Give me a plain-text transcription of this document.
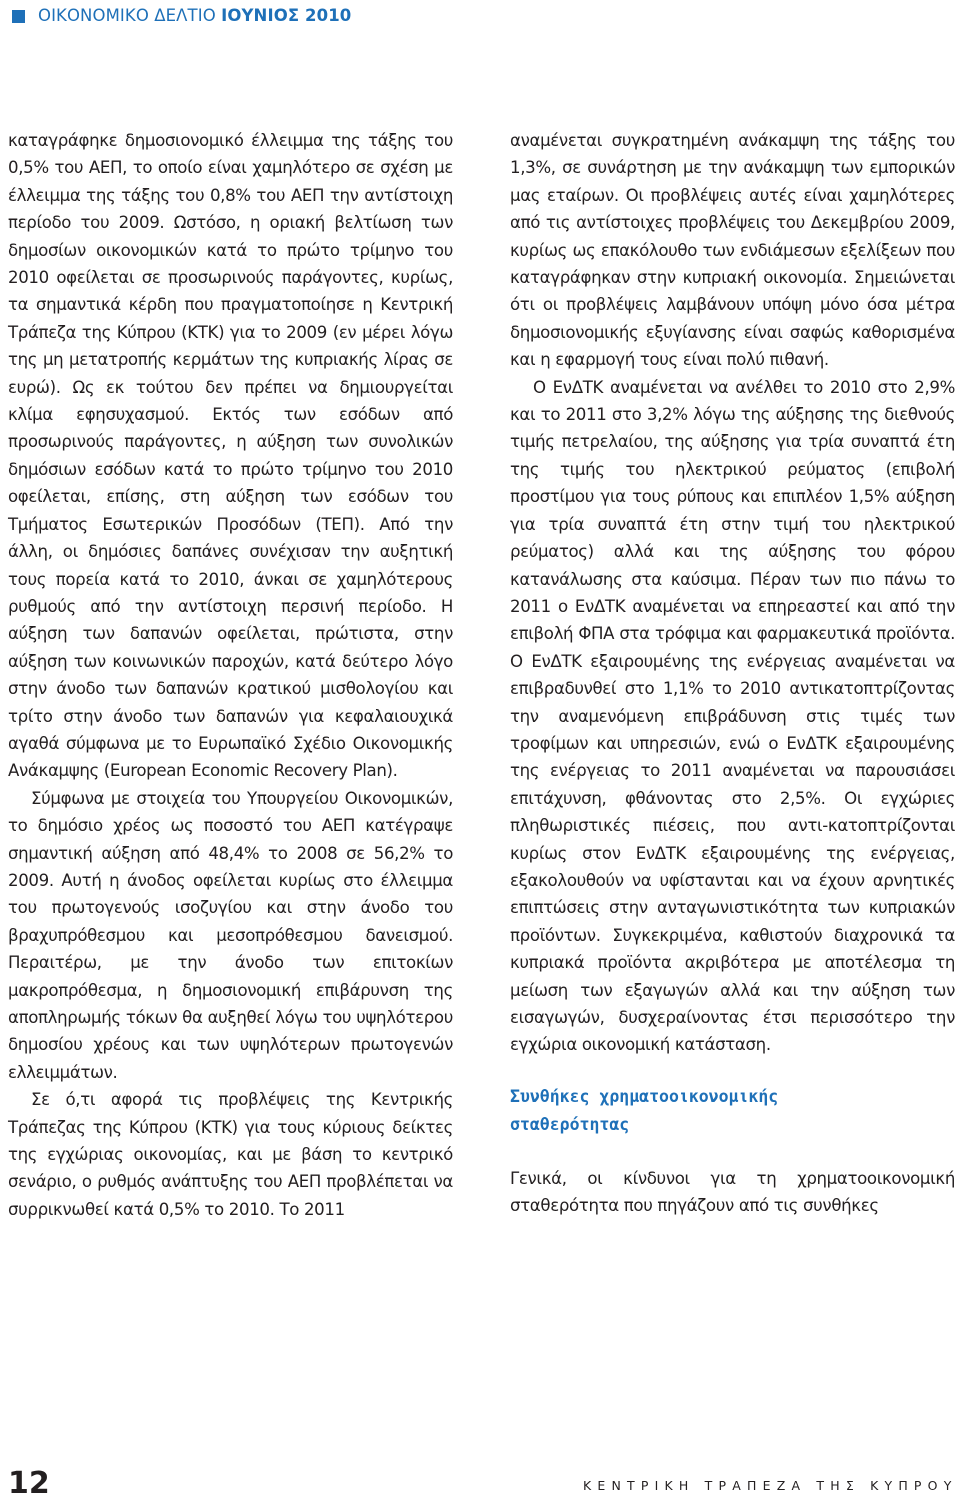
ΟΙΚΟΝΟΜΙΚΟ ΔΕΛΤΙΟ ΙΟΥΝΙΟΣ 2010

καταγράφηκε δημοσιονομικό έλλειμμα της τάξης του 0,5% του ΑΕΠ, το οποίο είναι χαμηλότερο σε σχέση με έλλειμμα της τάξης του 0,8% του ΑΕΠ την αντίστοιχη περίοδο του 2009. Ωστόσο, η οριακή βελτίωση των δημοσίων οικονομικών κατά το πρώτο τρίμηνο του 2010 οφείλεται σε προσωρινούς παράγοντες, κυρίως, τα σημαντικά κέρδη που πραγματοποίησε η Κεντρική Τράπεζα της Κύπρου (ΚΤΚ) για το 2009 (εν μέρει λόγω της μη μετατροπής κερμάτων της κυπριακής λίρας σε ευρώ). Ως εκ τούτου δεν πρέπει να δημιουργείται κλίμα εφησυχασμού. Εκτός των εσόδων από προσωρινούς παράγοντες, η αύξηση των συνολικών δημόσιων εσόδων κατά το πρώτο τρίμηνο του 2010 οφείλεται, επίσης, στη αύξηση των εσόδων του Τμήματος Εσωτερικών Προσόδων (ΤΕΠ). Από την άλλη, οι δημόσιες δαπάνες συνέχισαν την αυξητική τους πορεία κατά το 2010, άνκαι σε χαμηλότερους ρυθμούς από την αντίστοιχη περσινή περίοδο. Η αύξηση των δαπανών οφείλεται, πρώτιστα, στην αύξηση των κοινωνικών παροχών, κατά δεύτερο λόγο στην άνοδο των δαπανών κρατικού μισθολογίου και τρίτο στην άνοδο των δαπανών για κεφαλαιουχικά αγαθά σύμφωνα με το Ευρωπαϊκό Σχέδιο Οικονομικής Ανάκαμψης (European Economic Recovery Plan).

Σύμφωνα με στοιχεία του Υπουργείου Οικονομικών, το δημόσιο χρέος ως ποσοστό του ΑΕΠ κατέγραψε σημαντική αύξηση από 48,4% το 2008 σε 56,2% το 2009. Αυτή η άνοδος οφείλεται κυρίως στο έλλειμμα του πρωτογενούς ισοζυγίου και στην άνοδο του βραχυπρόθεσμου και μεσοπρόθεσμου δανεισμού. Περαιτέρω, με την άνοδο των επιτοκίων μακροπρόθεσμα, η δημοσιονομική επιβάρυνση της αποπληρωμής τόκων θα αυξηθεί λόγω του υψηλότερου δημοσίου χρέους και των υψηλότερων πρωτογενών ελλειμμάτων.

Σε ό,τι αφορά τις προβλέψεις της Κεντρικής Τράπεζας της Κύπρου (ΚΤΚ) για τους κύριους δείκτες της εγχώριας οικονομίας, και με βάση το κεντρικό σενάριο, ο ρυθμός ανάπτυξης του ΑΕΠ προβλέπεται να συρρικνωθεί κατά 0,5% το 2010. Το 2011

αναμένεται συγκρατημένη ανάκαμψη της τάξης του 1,3%, σε συνάρτηση με την ανάκαμψη των εμπορικών μας εταίρων. Οι προβλέψεις αυτές είναι χαμηλότερες από τις αντίστοιχες προβλέψεις του Δεκεμβρίου 2009, κυρίως ως επακόλουθο των ενδιάμεσων εξελίξεων που καταγράφηκαν στην κυπριακή οικονομία. Σημειώνεται ότι οι προβλέψεις λαμβάνουν υπόψη μόνο όσα μέτρα δημοσιονομικής εξυγίανσης είναι σαφώς καθορισμένα και η εφαρμογή τους είναι πολύ πιθανή.

Ο ΕνΔΤΚ αναμένεται να ανέλθει το 2010 στο 2,9% και το 2011 στο 3,2% λόγω της αύξησης της διεθνούς τιμής πετρελαίου, της αύξησης για τρία συναπτά έτη της τιμής του ηλεκτρικού ρεύματος (επιβολή προστίμου για τους ρύπους και επιπλέον 1,5% αύξηση για τρία συναπτά έτη στην τιμή του ηλεκτρικού ρεύματος) αλλά και της αύξησης του φόρου κατανάλωσης στα καύσιμα. Πέραν των πιο πάνω το 2011 ο ΕνΔΤΚ αναμένεται να επηρεαστεί και από την επιβολή ΦΠΑ στα τρόφιμα και φαρμακευτικά προϊόντα. Ο ΕνΔΤΚ εξαιρουμένης της ενέργειας αναμένεται να επιβραδυνθεί στο 1,1% το 2010 αντικατοπτρίζοντας την αναμενόμενη επιβράδυνση στις τιμές των τροφίμων και υπηρεσιών, ενώ ο ΕνΔΤΚ εξαιρουμένης της ενέργειας το 2011 αναμένεται να παρουσιάσει επιτάχυνση, φθάνοντας στο 2,5%. Οι εγχώριες πληθωριστικές πιέσεις, που αντι-κατοπτρίζονται κυρίως στον ΕνΔΤΚ εξαιρουμένης της ενέργειας, εξακολουθούν να υφίστανται και να έχουν αρνητικές επιπτώσεις στην ανταγωνιστικότητα των κυπριακών προϊόντων. Συγκεκριμένα, καθιστούν διαχρονικά τα κυπριακά προϊόντα ακριβότερα με αποτέλεσμα τη μείωση των εξαγωγών αλλά και την αύξηση των εισαγωγών, δυσχεραίνοντας έτσι περισσότερο την εγχώρια οικονομική κατάσταση.

Συνθήκες χρηματοοικονομικής
σταθερότητας

Γενικά, οι κίνδυνοι για τη χρηματοοικονομική σταθερότητα που πηγάζουν από τις συνθήκες

12	ΚΕΝΤΡΙΚΗ ΤΡΑΠΕΖΑ ΤΗΣ ΚΥΠΡΟΥ
